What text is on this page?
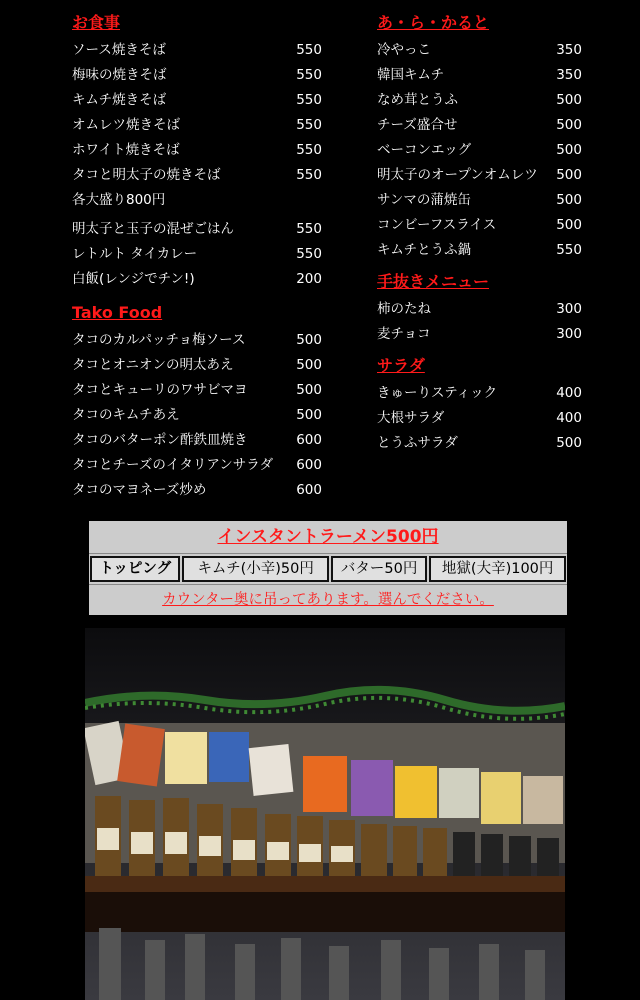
お食事
ソース焼きそば	550
梅味の焼きそば	550
キムチ焼きそば	550
オムレツ焼きそば	550
ホワイト焼きそば	550
タコと明太子の焼きそば	550
各大盛り800円
明太子と玉子の混ぜごはん	550
レトルト タイカレー	550
白飯(レンジでチン!)	200
Tako Food
タコのカルパッチョ梅ソース	500
タコとオニオンの明太あえ	500
タコとキューリのワサビマヨ	500
タコのキムチあえ	500
タコのバターポン酢鉄皿焼き	600
タコとチーズのイタリアンサラダ 600
タコのマヨネーズ炒め	600
あ・ら・かると
冷やっこ	350
韓国キムチ	350
なめ茸とうふ	500
チーズ盛合せ	500
ベーコンエッグ	500
明太子のオープンオムレツ 500
サンマの蒲焼缶	500
コンビーフスライス	500
キムチとうふ鍋	550
手抜きメニュー
柿のたね	300
麦チョコ	300
サラダ
きゅーりスティック	400
大根サラダ	400
とうふサラダ	500
インスタントラーメン500円
トッピング	キムチ(小辛)50円	バター50円	地獄(大辛)100円
カウンター奥に吊ってあります。選んでください。
